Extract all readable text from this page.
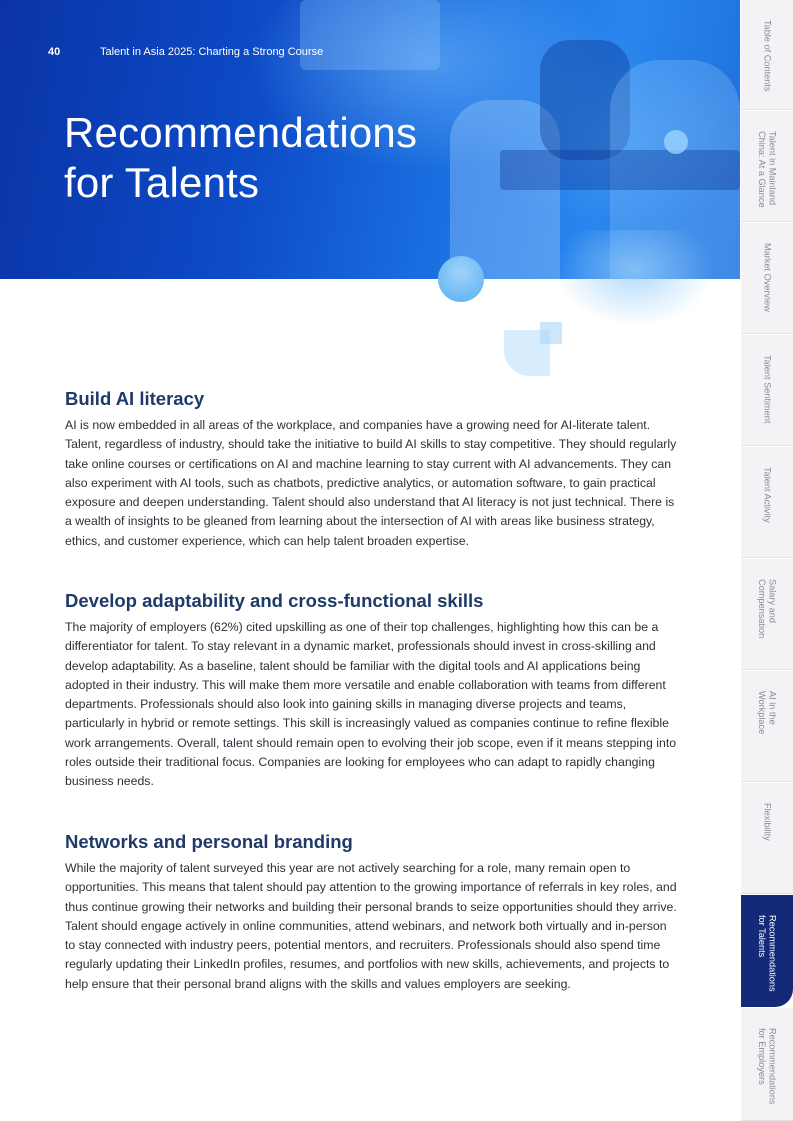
40	Talent in Asia 2025: Charting a Strong Course
Recommendations
for Talents
Build AI literacy

AI is now embedded in all areas of the workplace, and companies have a growing need for AI-literate talent. Talent, regardless of industry, should take the initiative to build AI skills to stay competitive. They should regularly take online courses or certifications on AI and machine learning to stay current with AI advancements. They can also experiment with AI tools, such as chatbots, predictive analytics, or automation software, to gain practical exposure and deepen understanding. Talent should also understand that AI literacy is not just technical. There is a wealth of insights to be gleaned from learning about the intersection of AI with areas like business strategy, ethics, and customer experience, which can help talent broaden expertise.

Develop adaptability and cross-functional skills

The majority of employers (62%) cited upskilling as one of their top challenges, highlighting how this can be a differentiator for talent. To stay relevant in a dynamic market, professionals should invest in cross-skilling and develop adaptability. As a baseline, talent should be familiar with the digital tools and AI applications being adopted in their industry. This will make them more versatile and enable collaboration with teams from different departments. Professionals should also look into gaining skills in managing diverse projects and teams, particularly in hybrid or remote settings. This skill is increasingly valued as companies continue to refine flexible work arrangements. Overall, talent should remain open to evolving their job scope, even if it means stepping into roles outside their traditional focus. Companies are looking for employees who can adapt to rapidly changing business needs.

Networks and personal branding

While the majority of talent surveyed this year are not actively searching for a role, many remain open to opportunities. This means that talent should pay attention to the growing importance of referrals in key roles, and thus continue growing their networks and building their personal brands to seize opportunities should they arrive. Talent should engage actively in online communities, attend webinars, and network both virtually and in-person to stay connected with industry peers, potential mentors, and recruiters. Professionals should also spend time regularly updating their LinkedIn profiles, resumes, and portfolios with new skills, achievements, and projects to help ensure that their personal brand aligns with the skills and values employers are seeking.

Table of Contents
Talent in Mainland
China: At a Glance
Market Overview
Talent Sentiment
Talent Activity
Salary and
Compensation
AI in the
Workplace
Flexibility
Recommendations
for Talents
Recommendations
for Employers
